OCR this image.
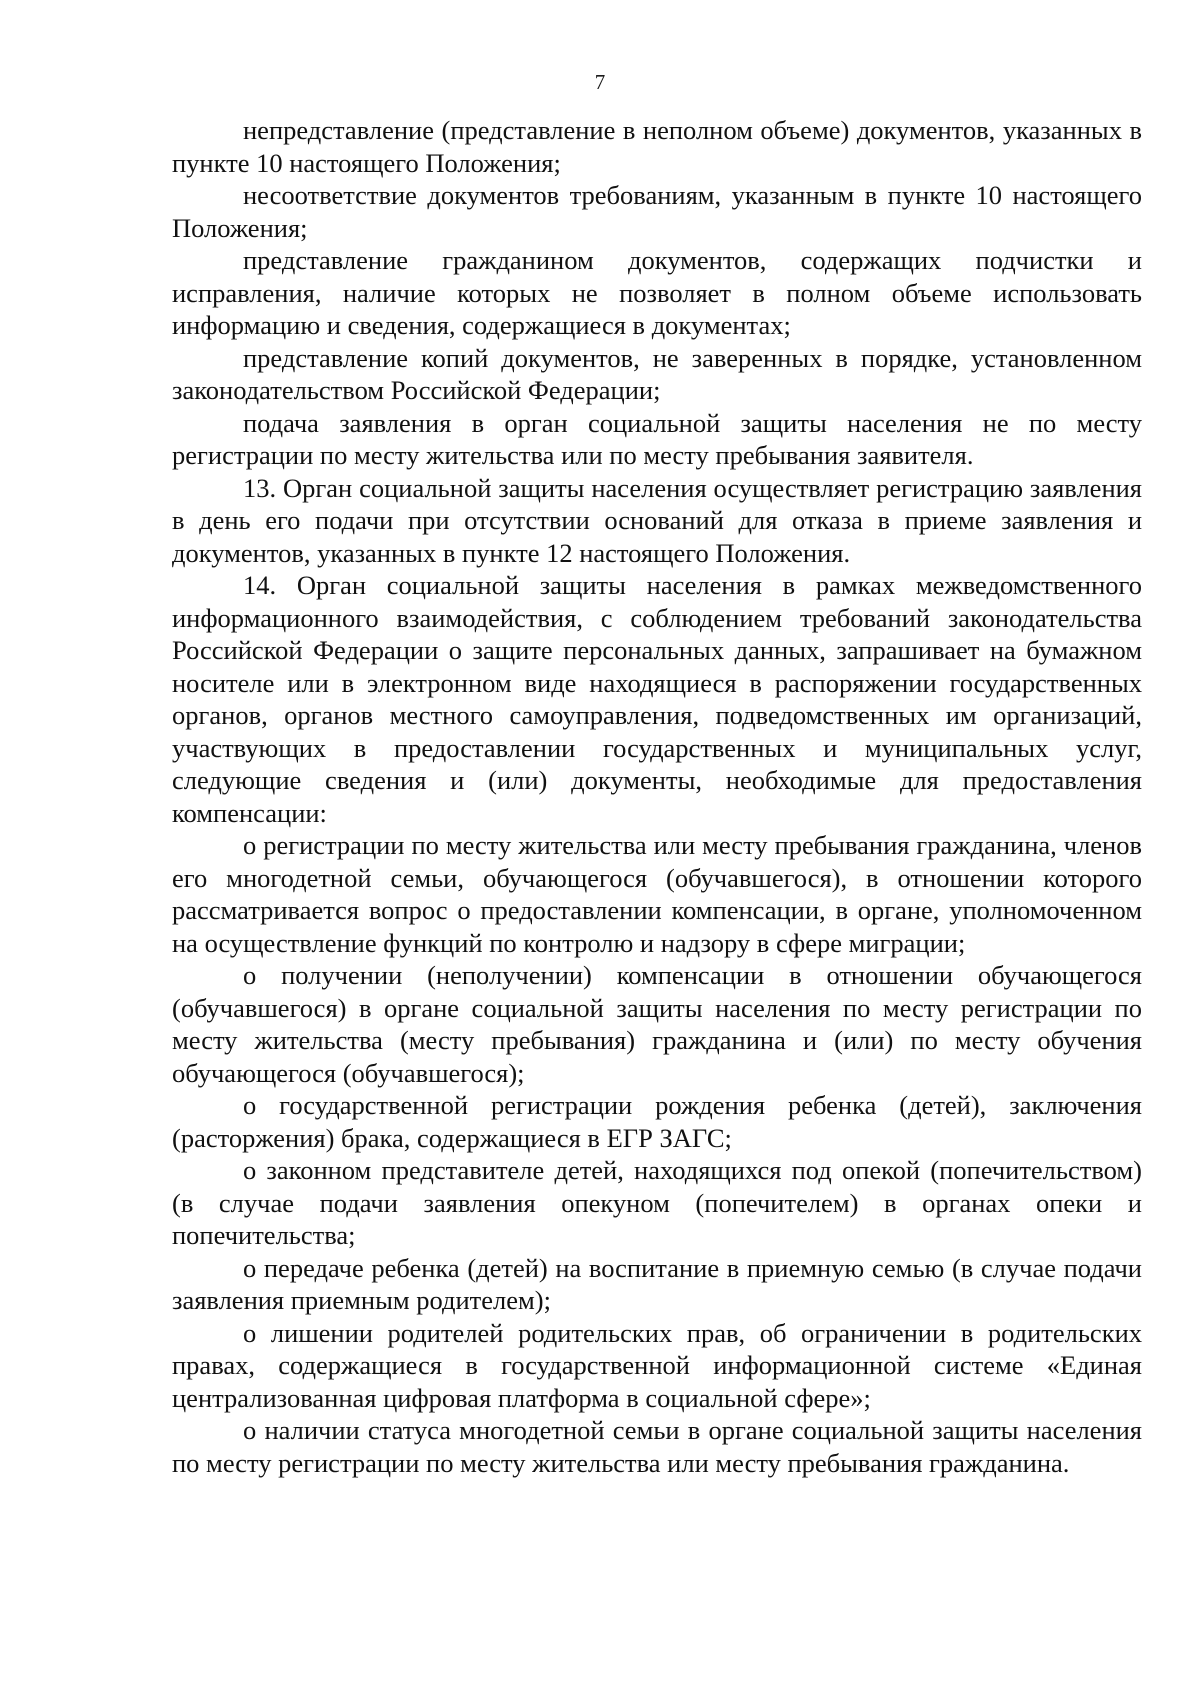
7

непредставление (представление в неполном объеме) документов, указанных в пункте 10 настоящего Положения;

несоответствие документов требованиям, указанным в пункте 10 настоящего Положения;

представление гражданином документов, содержащих подчистки и исправления, наличие которых не позволяет в полном объеме использовать информацию и сведения, содержащиеся в документах;

представление копий документов, не заверенных в порядке, установленном законодательством Российской Федерации;

подача заявления в орган социальной защиты населения не по месту регистрации по месту жительства или по месту пребывания заявителя.

13. Орган социальной защиты населения осуществляет регистрацию заявления в день его подачи при отсутствии оснований для отказа в приеме заявления и документов, указанных в пункте 12 настоящего Положения.

14. Орган социальной защиты населения в рамках межведомственного информационного взаимодействия, с соблюдением требований законодательства Российской Федерации о защите персональных данных, запрашивает на бумажном носителе или в электронном виде находящиеся в распоряжении государственных органов, органов местного самоуправления, подведомственных им организаций, участвующих в предоставлении государственных и муниципальных услуг, следующие сведения и (или) документы, необходимые для предоставления компенсации:

о регистрации по месту жительства или месту пребывания гражданина, членов его многодетной семьи, обучающегося (обучавшегося), в отношении которого рассматривается вопрос о предоставлении компенсации, в органе, уполномоченном на осуществление функций по контролю и надзору в сфере миграции;

о получении (неполучении) компенсации в отношении обучающегося (обучавшегося) в органе социальной защиты населения по месту регистрации по месту жительства (месту пребывания) гражданина и (или) по месту обучения обучающегося (обучавшегося);

о государственной регистрации рождения ребенка (детей), заключения (расторжения) брака, содержащиеся в ЕГР ЗАГС;

о законном представителе детей, находящихся под опекой (попечительством) (в случае подачи заявления опекуном (попечителем) в органах опеки и попечительства;

о передаче ребенка (детей) на воспитание в приемную семью (в случае подачи заявления приемным родителем);

о лишении родителей родительских прав, об ограничении в родительских правах, содержащиеся в государственной информационной системе «Единая централизованная цифровая платформа в социальной сфере»;

о наличии статуса многодетной семьи в органе социальной защиты населения по месту регистрации по месту жительства или месту пребывания гражданина.
